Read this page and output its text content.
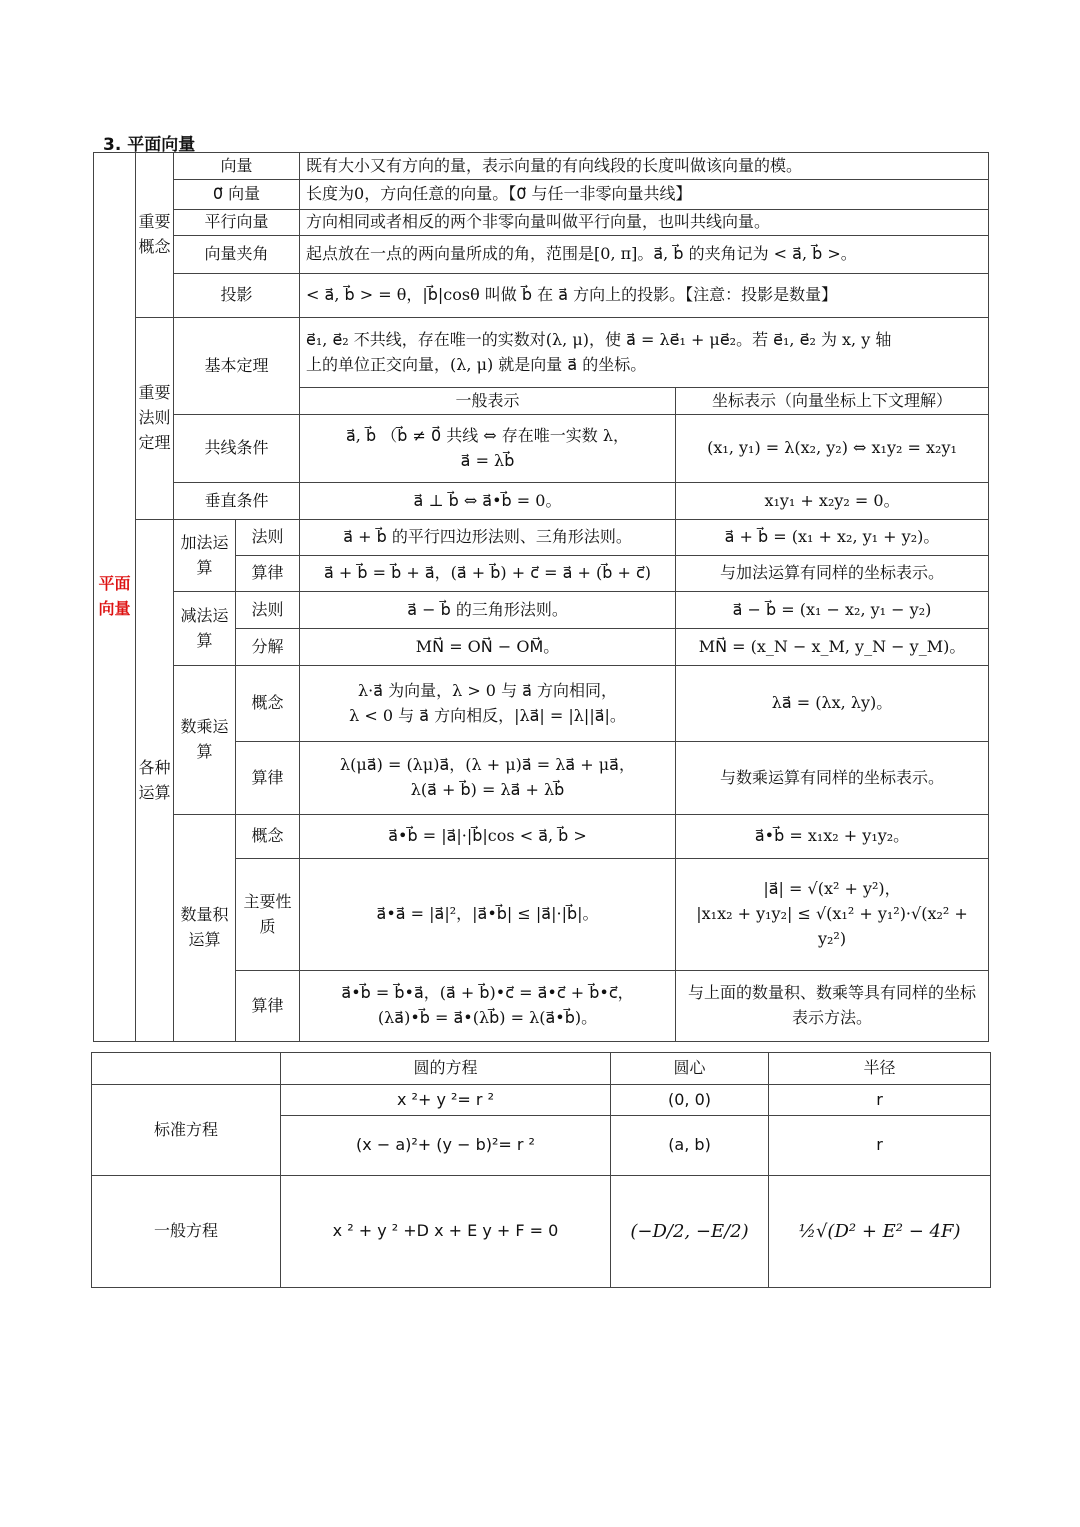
3. 平面向量
平面向量	重要概念	向量		既有大小又有方向的量，表示向量的有向线段的长度叫做该向量的模。	
		0⃗ 向量		长度为0，方向任意的向量。【0⃗ 与任一非零向量共线】	
		平行向量		方向相同或者相反的两个非零向量叫做平行向量，也叫共线向量。	
		向量夹角		起点放在一点的两向量所成的角，范围是[0, π]。a⃗, b⃗ 的夹角记为 < a⃗, b⃗ >。	
		投影		< a⃗, b⃗ > = θ，|b⃗|cosθ 叫做 b⃗ 在 a⃗ 方向上的投影。【注意：投影是数量】	

	重要法则定理	基本定理		e⃗₁, e⃗₂ 不共线，存在唯一的实数对(λ, μ)，使 a⃗ = λe⃗₁ + μe⃗₂。若 e⃗₁, e⃗₂ 为 x, y 轴
上的单位正交向量，(λ, μ) 就是向量 a⃗ 的坐标。	

				一般表示	坐标表示（向量坐标上下文理解）
		共线条件		a⃗, b⃗ （b⃗ ≠ 0⃗ 共线 ⇔ 存在唯一实数 λ，
a⃗ = λb⃗	(x₁, y₁) = λ(x₂, y₂) ⇔ x₁y₂ = x₂y₁
		垂直条件		a⃗ ⊥ b⃗ ⇔ a⃗•b⃗ = 0。	x₁y₁ + x₂y₂ = 0。

	各种运算	加法运算	法则	a⃗ + b⃗ 的平行四边形法则、三角形法则。	a⃗ + b⃗ = (x₁ + x₂, y₁ + y₂)。
			算律	a⃗ + b⃗ = b⃗ + a⃗，(a⃗ + b⃗) + c⃗ = a⃗ + (b⃗ + c⃗)	与加法运算有同样的坐标表示。
		减法运算	法则	a⃗ − b⃗ 的三角形法则。	a⃗ − b⃗ = (x₁ − x₂, y₁ − y₂)
			分解	MN⃗ = ON⃗ − OM⃗。	MN⃗ = (x_N − x_M, y_N − y_M)。
		数乘运算	概念	λ·a⃗ 为向量，λ > 0 与 a⃗ 方向相同，
λ < 0 与 a⃗ 方向相反，|λa⃗| = |λ||a⃗|。	λa⃗ = (λx, λy)。
			算律	λ(μa⃗) = (λμ)a⃗，(λ + μ)a⃗ = λa⃗ + μa⃗，
λ(a⃗ + b⃗) = λa⃗ + λb⃗	与数乘运算有同样的坐标表示。
		数量积运算	概念	a⃗•b⃗ = |a⃗|·|b⃗|cos < a⃗, b⃗ >	a⃗•b⃗ = x₁x₂ + y₁y₂。
			主要性质	a⃗•a⃗ = |a⃗|²，|a⃗•b⃗| ≤ |a⃗|·|b⃗|。	|a⃗| = √(x² + y²)，
|x₁x₂ + y₁y₂| ≤ √(x₁² + y₁²)·√(x₂² + y₂²)

			算律	a⃗•b⃗ = b⃗•a⃗，(a⃗ + b⃗)•c⃗ = a⃗•c⃗ + b⃗•c⃗，
(λa⃗)•b⃗ = a⃗•(λb⃗) = λ(a⃗•b⃗)。	与上面的数量积、数乘等具有同样的坐标表示方法。
	圆的方程	圆心	半径
标准方程	x ²+ y ²= r ²	(0, 0)	r
	(x − a)²+ (y − b)²= r ²	(a, b)	r
一般方程	x ² + y ² +D x + E y + F = 0	(−D/2, −E/2)	½√(D² + E² − 4F)
